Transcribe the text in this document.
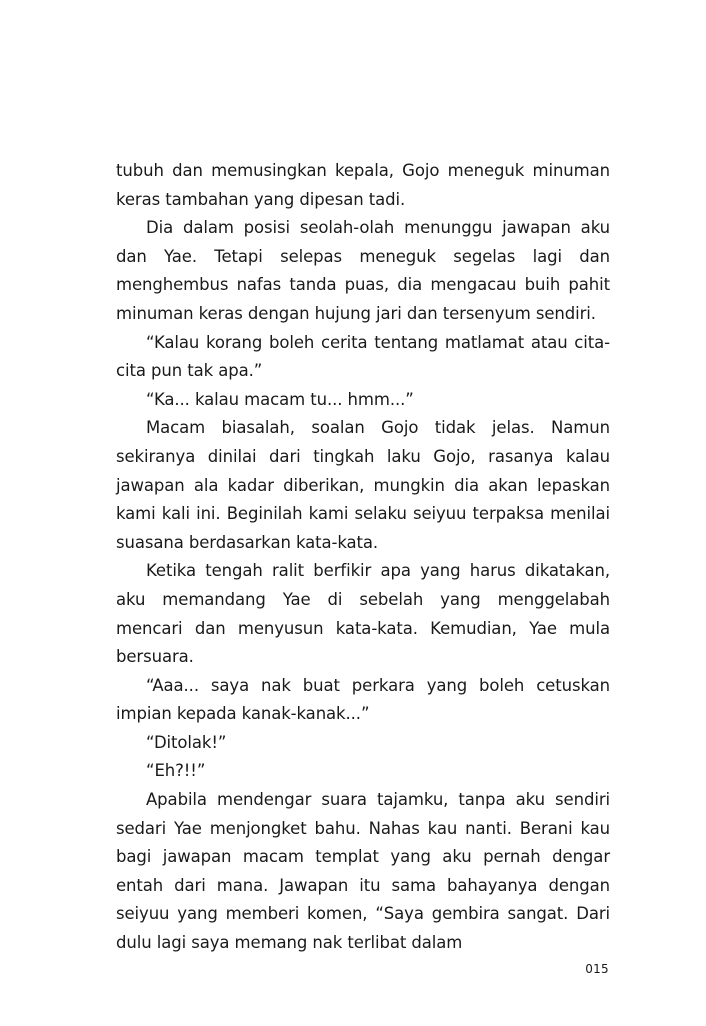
tubuh dan memusingkan kepala, Gojo meneguk minuman keras tambahan yang dipesan tadi.

Dia dalam posisi seolah-olah menunggu jawapan aku dan Yae. Tetapi selepas meneguk segelas lagi dan menghembus nafas tanda puas, dia mengacau buih pahit minuman keras dengan hujung jari dan tersenyum sendiri.

“Kalau korang boleh cerita tentang matlamat atau cita-cita pun tak apa.”

“Ka... kalau macam tu... hmm...”

Macam biasalah, soalan Gojo tidak jelas. Namun sekiranya dinilai dari tingkah laku Gojo, rasanya kalau jawapan ala kadar diberikan, mungkin dia akan lepaskan kami kali ini. Beginilah kami selaku seiyuu terpaksa menilai suasana berdasarkan kata-kata.

Ketika tengah ralit berfikir apa yang harus dikatakan, aku memandang Yae di sebelah yang menggelabah mencari dan menyusun kata-kata. Kemudian, Yae mula bersuara.

“Aaa... saya nak buat perkara yang boleh cetuskan impian kepada kanak-kanak...”

“Ditolak!”

“Eh?!!”

Apabila mendengar suara tajamku, tanpa aku sendiri sedari Yae menjongket bahu. Nahas kau nanti. Berani kau bagi jawapan macam templat yang aku pernah dengar entah dari mana. Jawapan itu sama bahayanya dengan seiyuu yang memberi komen, “Saya gembira sangat. Dari dulu lagi saya memang nak terlibat dalam

015
